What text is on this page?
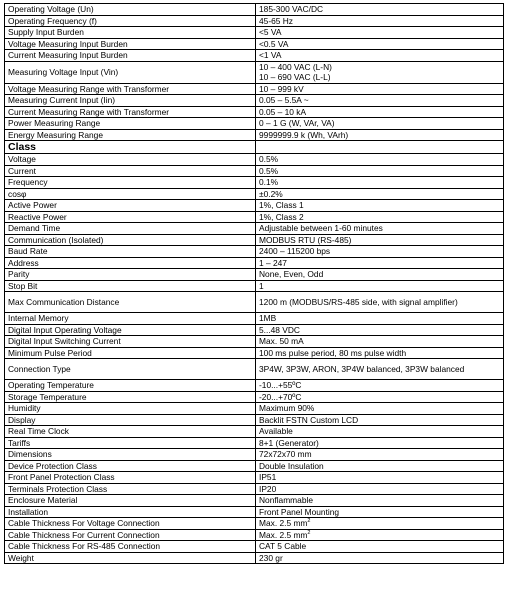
Operating Voltage (Un)	185-300 VAC/DC
Operating Frequency (f)	45-65 Hz
Supply Input Burden	<5 VA
Voltage Measuring Input Burden	<0.5 VA
Current Measuring Input Burden	<1 VA
Measuring Voltage Input (Vin)	10 – 400 VAC (L-N)
10 – 690 VAC (L-L)
Voltage Measuring Range with Transformer	10 – 999 kV
Measuring Current Input (Iin)	0.05 – 5.5A ~
Current Measuring Range with Transformer	0.05 – 10 kA
Power Measuring Range	0 – 1 G (W, VAr, VA)
Energy Measuring Range	9999999.9 k (Wh, VArh)
Class	
Voltage	0.5%
Current	0.5%
Frequency	0.1%
cosφ	±0.2%
Active Power	1%, Class 1
Reactive Power	1%, Class 2
Demand Time	Adjustable between 1-60 minutes
Communication (Isolated)	MODBUS RTU (RS-485)
Baud Rate	2400 – 115200 bps
Address	1 – 247
Parity	None, Even, Odd
Stop Bit	1
Max Communication Distance	1200 m (MODBUS/RS-485 side, with signal amplifier)
Internal Memory	1MB
Digital Input Operating Voltage	5...48 VDC
Digital Input Switching Current	Max. 50 mA
Minimum Pulse Period	100 ms pulse period, 80 ms pulse width
Connection Type	3P4W, 3P3W, ARON, 3P4W balanced, 3P3W balanced
Operating Temperature	-10...+55ºC
Storage Temperature	-20...+70ºC
Humidity	Maximum 90%
Display	Backlit FSTN Custom LCD
Real Time Clock	Available
Tariffs	8+1 (Generator)
Dimensions	72x72x70 mm
Device Protection Class	Double Insulation
Front Panel Protection Class	IP51
Terminals Protection Class	IP20
Enclosure Material	Nonflammable
Installation	Front Panel Mounting
Cable Thickness For Voltage Connection	Max. 2.5 $mm^2$
Cable Thickness For Current Connection	Max. 2.5 $mm^2$
Cable Thickness For RS-485 Connection	CAT 5 Cable
Weight	230 gr
